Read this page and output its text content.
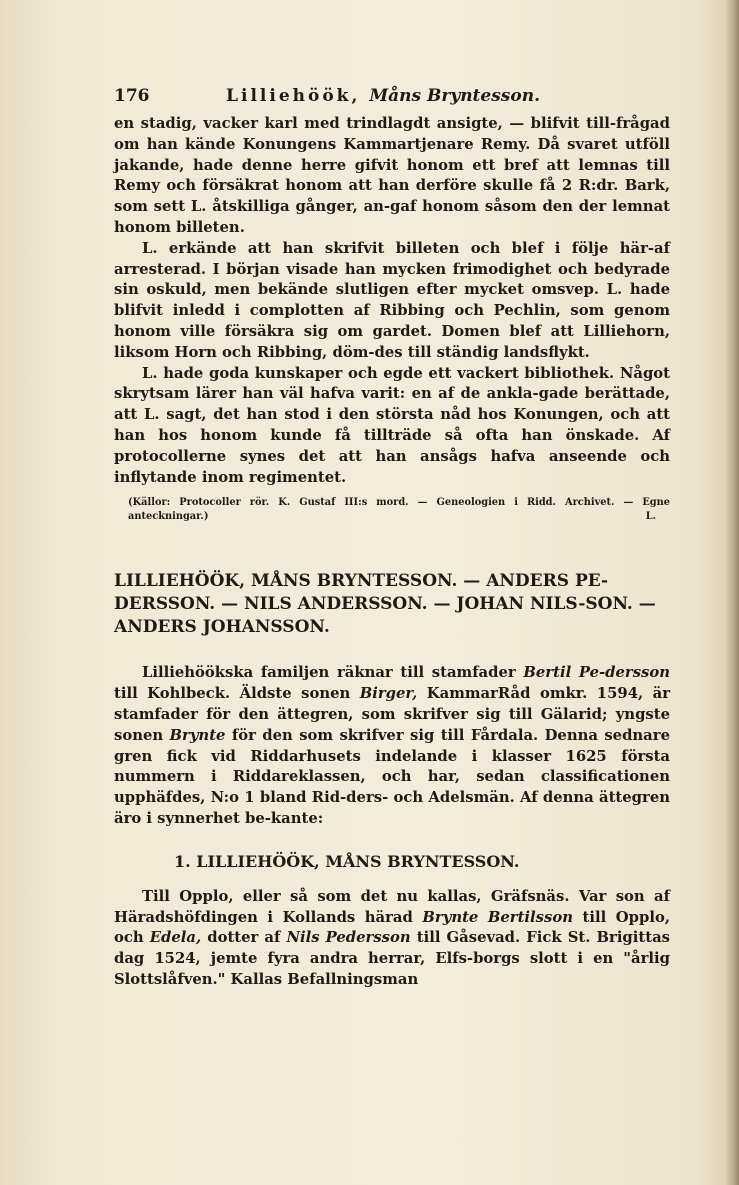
176	Lilliehöök, Måns Bryntesson.

en stadig, vacker karl med trindlagdt ansigte, — blifvit till-frågad om han kände Konungens Kammartjenare Remy. Då svaret utföll jakande, hade denne herre gifvit honom ett bref att lemnas till Remy och försäkrat honom att han derföre skulle få 2 R:dr. Bark, som sett L. åtskilliga gånger, an-gaf honom såsom den der lemnat honom billeten.

L. erkände att han skrifvit billeten och blef i följe här-af arresterad. I början visade han mycken frimodighet och bedyrade sin oskuld, men bekände slutligen efter mycket omsvep. L. hade blifvit inledd i complotten af Ribbing och Pechlin, som genom honom ville försäkra sig om gardet. Domen blef att Lilliehorn, liksom Horn och Ribbing, döm-des till ständig landsflykt.

L. hade goda kunskaper och egde ett vackert bibliothek. Något skrytsam lärer han väl hafva varit: en af de ankla-gade berättade, att L. sagt, det han stod i den största nåd hos Konungen, och att han hos honom kunde få tillträde så ofta han önskade. Af protocollerne synes det att han ansågs hafva anseende och inflytande inom regimentet.

(Källor: Protocoller rör. K. Gustaf III:s mord. — Geneologien i Ridd. Archivet. — Egne anteckningar.)	L.
LILLIEHÖÖK, MÅNS BRYNTESSON. — ANDERS PE-DERSSON. — NILS ANDERSSON. — JOHAN NILS-SON. — ANDERS JOHANSSON.

Lilliehöökska familjen räknar till stamfader Bertil Pe-dersson till Kohlbeck. Äldste sonen Birger, KammarRåd omkr. 1594, är stamfader för den ättegren, som skrifver sig till Gälarid; yngste sonen Brynte för den som skrifver sig till Fårdala. Denna sednare gren fick vid Riddarhusets indelande i klasser 1625 första nummern i Riddareklassen, och har, sedan classificationen upphäfdes, N:o 1 bland Rid-ders- och Adelsmän. Af denna ättegren äro i synnerhet be-kante:

1. LILLIEHÖÖK, MÅNS BRYNTESSON.

Till Opplo, eller så som det nu kallas, Gräfsnäs. Var son af Häradshöfdingen i Kollands härad Brynte Bertilsson till Opplo, och Edela, dotter af Nils Pedersson till Gåsevad. Fick St. Brigittas dag 1524, jemte fyra andra herrar, Elfs-borgs slott i en "årlig Slottslåfven." Kallas Befallningsman
